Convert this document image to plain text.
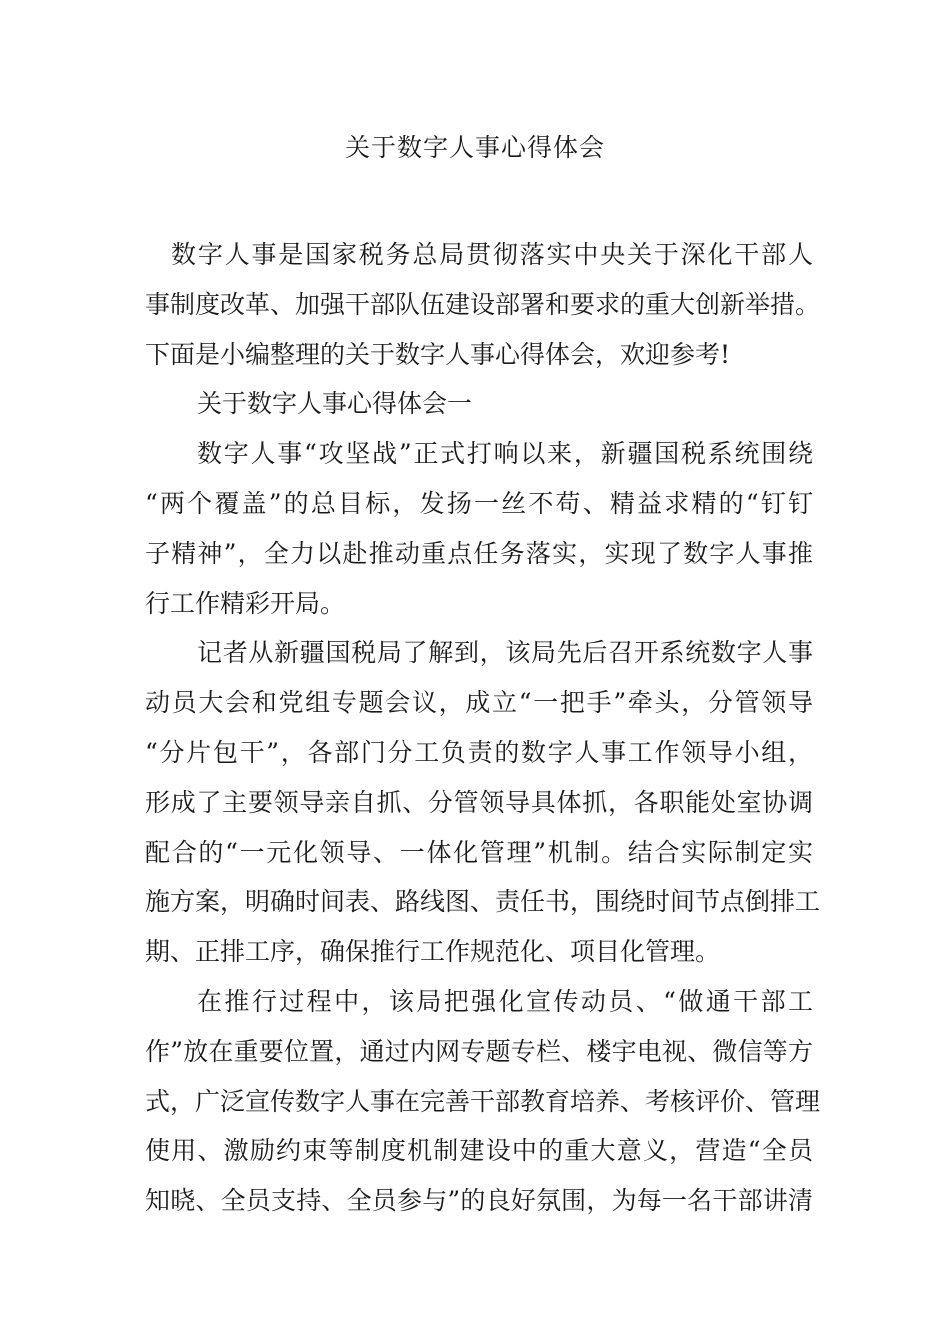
关于数字人事心得体会
数字人事是国家税务总局贯彻落实中央关于深化干部人
事制度改革、加强干部队伍建设部署和要求的重大创新举措。
下面是小编整理的关于数字人事心得体会，欢迎参考!
关于数字人事心得体会一
数字人事“攻坚战”正式打响以来，新疆国税系统围绕
“两个覆盖”的总目标，发扬一丝不苟、精益求精的“钉钉
子精神”，全力以赴推动重点任务落实，实现了数字人事推
行工作精彩开局。
记者从新疆国税局了解到，该局先后召开系统数字人事
动员大会和党组专题会议，成立“一把手”牵头，分管领导
“分片包干”，各部门分工负责的数字人事工作领导小组，
形成了主要领导亲自抓、分管领导具体抓，各职能处室协调
配合的“一元化领导、一体化管理”机制。结合实际制定实
施方案，明确时间表、路线图、责任书，围绕时间节点倒排工
期、正排工序，确保推行工作规范化、项目化管理。
在推行过程中，该局把强化宣传动员、“做通干部工
作”放在重要位置，通过内网专题专栏、楼宇电视、微信等方
式，广泛宣传数字人事在完善干部教育培养、考核评价、管理
使用、激励约束等制度机制建设中的重大意义，营造“全员
知晓、全员支持、全员参与”的良好氛围，为每一名干部讲清
